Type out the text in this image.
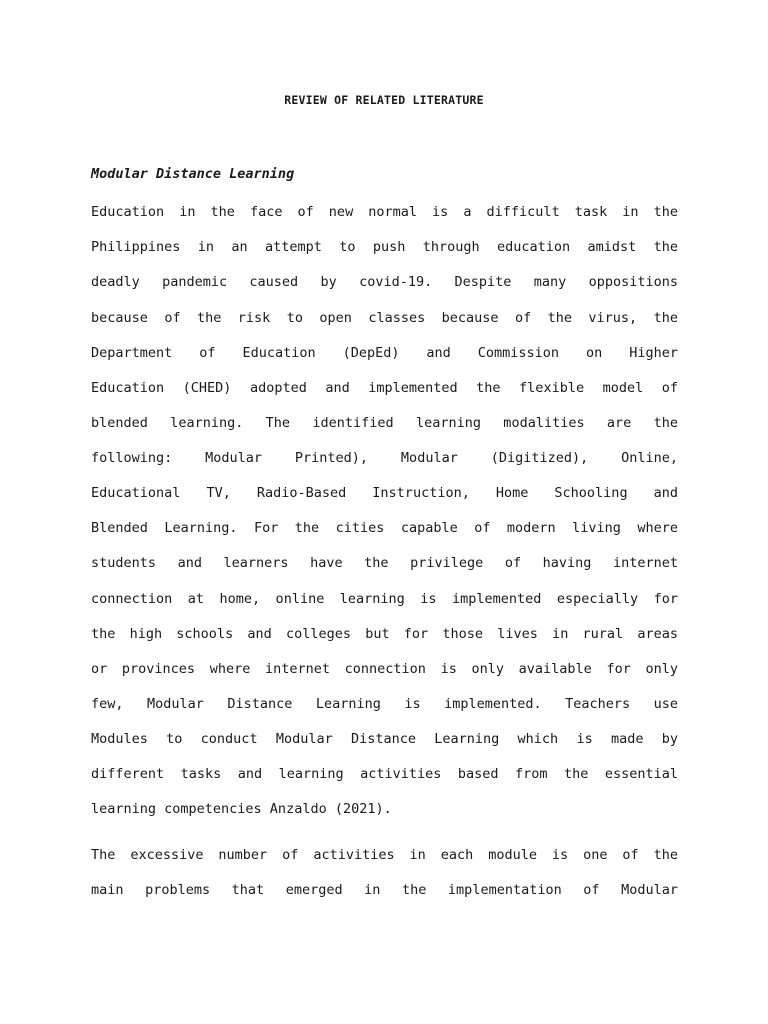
REVIEW OF RELATED LITERATURE
Modular Distance Learning

Education in the face of new normal is a difficult task in the

Philippines in an attempt to push through education amidst the

deadly pandemic caused by covid-19. Despite many oppositions

because of the risk to open classes because of the virus, the

Department of Education (DepEd) and Commission on Higher

Education (CHED) adopted and implemented the flexible model of

blended learning. The identified learning modalities are the

following: Modular Printed), Modular (Digitized), Online,

Educational TV, Radio-Based Instruction, Home Schooling and

Blended Learning. For the cities capable of modern living where

students and learners have the privilege of having internet

connection at home, online learning is implemented especially for

the high schools and colleges but for those lives in rural areas

or provinces where internet connection is only available for only

few, Modular Distance Learning is implemented. Teachers use

Modules to conduct Modular Distance Learning which is made by

different tasks and learning activities based from the essential

learning competencies Anzaldo (2021).

The excessive number of activities in each module is one of the

main problems that emerged in the implementation of Modular
